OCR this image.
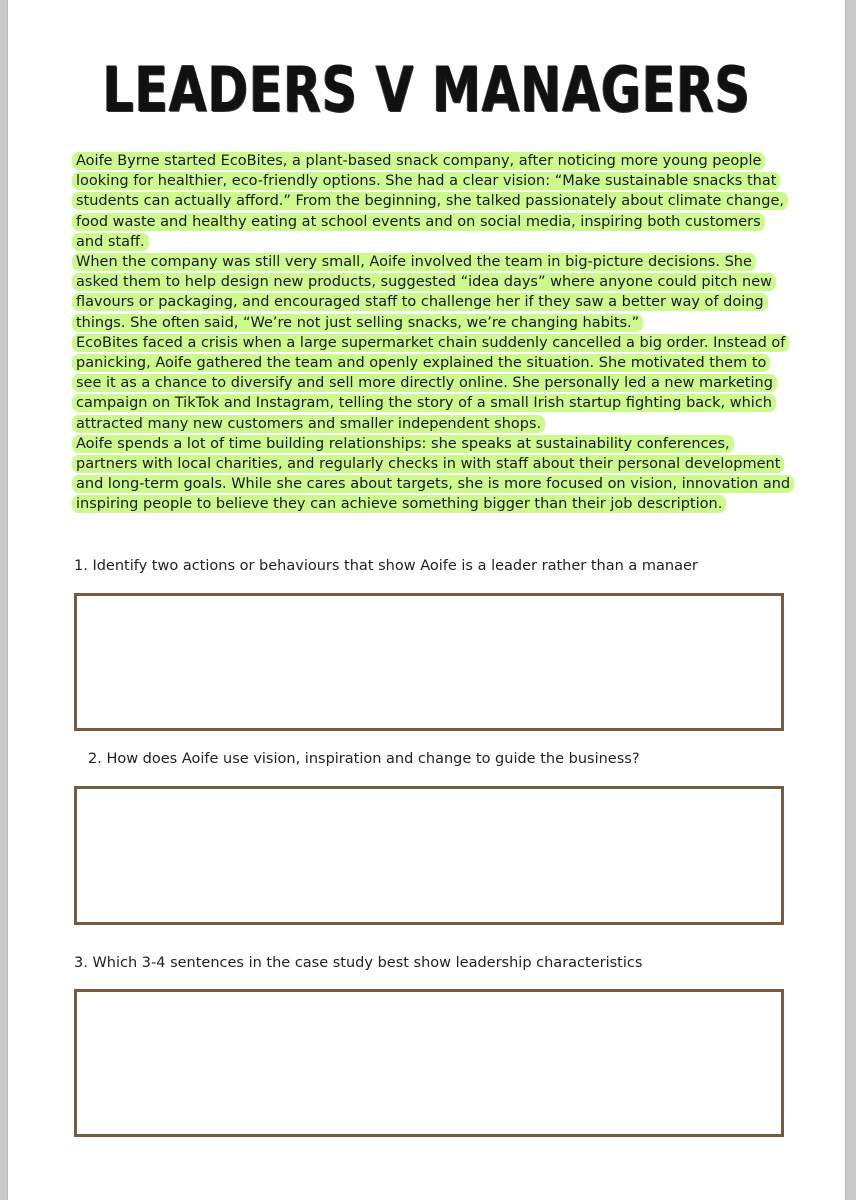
LEADERS V MANAGERS

Aoife Byrne started EcoBites, a plant-based snack company, after noticing more young people looking for healthier, eco-friendly options. She had a clear vision: “Make sustainable snacks that students can actually afford.” From the beginning, she talked passionately about climate change, food waste and healthy eating at school events and on social media, inspiring both customers and staff.

When the company was still very small, Aoife involved the team in big-picture decisions. She asked them to help design new products, suggested “idea days” where anyone could pitch new flavours or packaging, and encouraged staff to challenge her if they saw a better way of doing things. She often said, “We’re not just selling snacks, we’re changing habits.”

EcoBites faced a crisis when a large supermarket chain suddenly cancelled a big order. Instead of panicking, Aoife gathered the team and openly explained the situation. She motivated them to see it as a chance to diversify and sell more directly online. She personally led a new marketing campaign on TikTok and Instagram, telling the story of a small Irish startup fighting back, which attracted many new customers and smaller independent shops.

Aoife spends a lot of time building relationships: she speaks at sustainability conferences, partners with local charities, and regularly checks in with staff about their personal development and long-term goals. While she cares about targets, she is more focused on vision, innovation and inspiring people to believe they can achieve something bigger than their job description.

1. Identify two actions or behaviours that show Aoife is a leader rather than a manaer

2. How does Aoife use vision, inspiration and change to guide the business?

3. Which 3-4 sentences in the case study best show leadership characteristics
